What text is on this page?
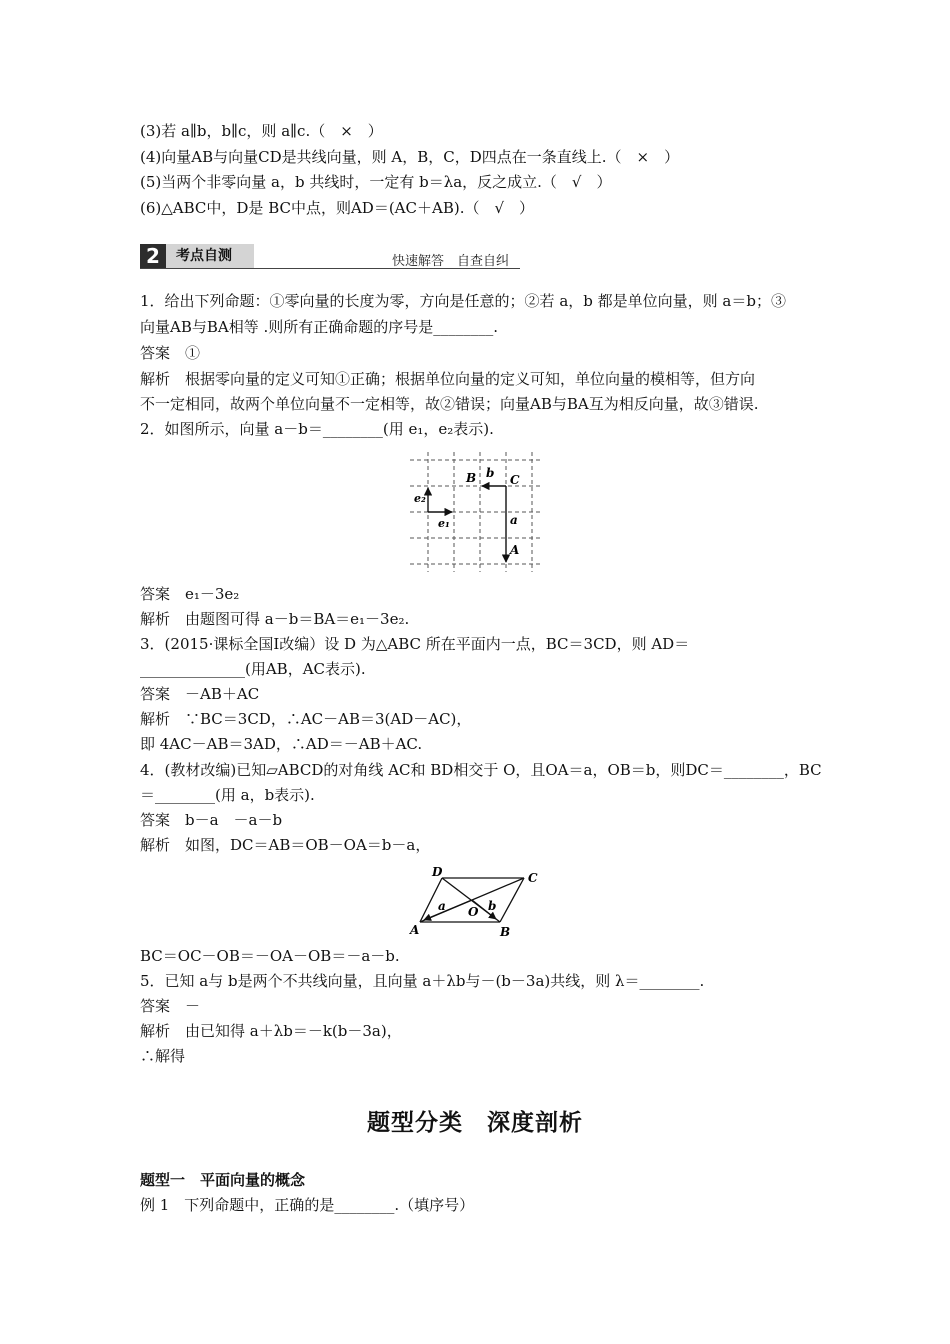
(3)若 a∥b，b∥c，则 a∥c.（　×　）
(4)向量AB与向量CD是共线向量，则 A，B，C，D四点在一条直线上.（　×　）
(5)当两个非零向量 a，b 共线时，一定有 b＝λa，反之成立.（　√　）
(6)△ABC中，D是 BC中点，则AD＝(AC＋AB).（　√　）
2	考点自测	快速解答　自查自纠
1．给出下列命题：①零向量的长度为零，方向是任意的；②若 a，b 都是单位向量，则 a＝b；③
向量AB与BA相等 .则所有正确命题的序号是________.
答案　①
解析　根据零向量的定义可知①正确；根据单位向量的定义可知，单位向量的模相等，但方向
不一定相同，故两个单位向量不一定相等，故②错误；向量AB与BA互为相反向量，故③错误.
2．如图所示，向量 a－b＝________(用 e₁，e₂表示).
B b C
e₂
e₁	a
A
答案　e₁－3e₂
解析　由题图可得 a－b＝BA＝e₁－3e₂.
3．(2015·课标全国Ⅰ改编）设 D 为△ABC 所在平面内一点，BC＝3CD，则 AD＝
______________(用AB，AC表示).
答案　－AB＋AC
解析　∵BC＝3CD，∴AC－AB＝3(AD－AC)，
即 4AC－AB＝3AD，∴AD＝－AB＋AC.
4．(教材改编)已知▱ABCD的对角线 AC和 BD相交于 O，且OA＝a，OB＝b，则DC＝________，BC
＝________(用 a，b表示).
答案　b－a　－a－b
解析　如图，DC＝AB＝OB－OA＝b－a，
D	C
A	B
O
a	b
BC＝OC－OB＝－OA－OB＝－a－b.
5．已知 a与 b是两个不共线向量，且向量 a＋λb与－(b－3a)共线，则 λ＝________.
答案　－
解析　由已知得 a＋λb＝－k(b－3a)，
∴解得
题型分类　深度剖析
题型一　平面向量的概念
例 1　下列命题中，正确的是________.（填序号）
